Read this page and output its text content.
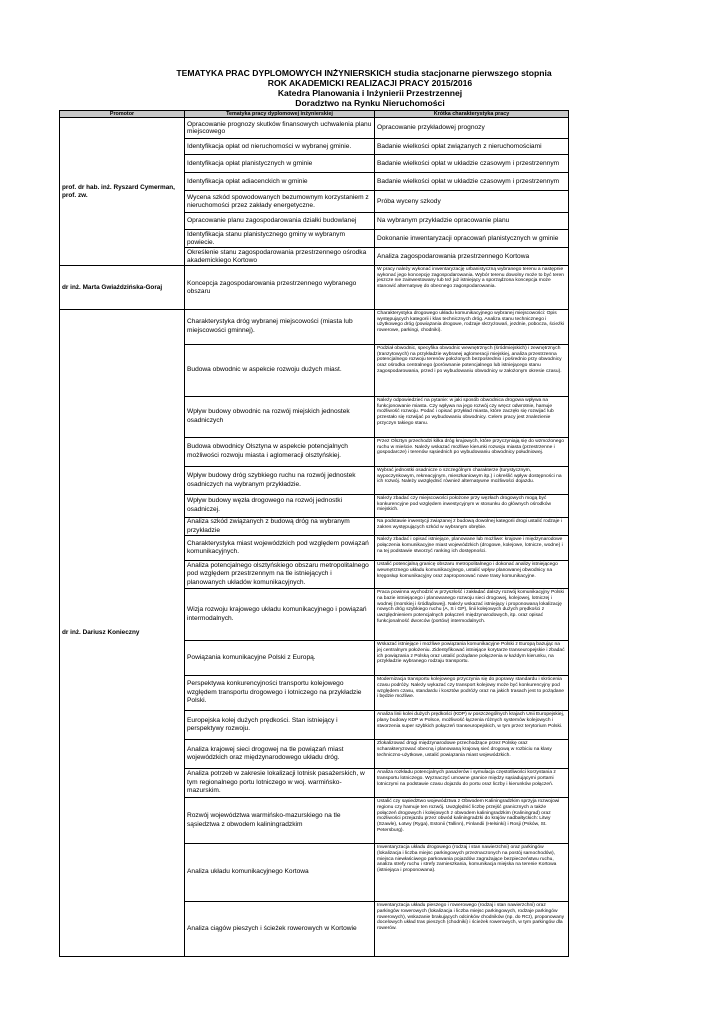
TEMATYKA PRAC DYPLOMOWYCH INŻYNIERSKICH studia stacjonarne pierwszego stopnia
ROK AKADEMICKI REALIZACJI PRACY 2015/2016
Katedra Planowania i Inżynierii Przestrzennej
Doradztwo na Rynku Nieruchomości
Promotor	Tematyka pracy dyplomowej inżynierskiej	Krótka charakterystyka pracy
prof. dr hab. inż. Ryszard Cymerman, prof. zw.	Opracowanie prognozy skutków finansowych uchwalenia planu miejscowego	Opracowanie przykładowej prognozy
	Identyfikacja opłat od nieruchomości w wybranej gminie.	Badanie wielkości opłat związanych z nieruchomościami
	Identyfikacja opłat planistycznych w gminie	Badanie wielkości opłat w układzie czasowym i przestrzennym
	Identyfikacja opłat adiacenckich w gminie	Badanie wielkości opłat w układzie czasowym i przestrzennym
	Wycena szkód spowodowanych bezumownym korzystaniem z nieruchomości przez zakłady energetyczne.	Próba wyceny szkody
	Opracowanie planu zagospodarowania działki budowlanej	Na wybranym przykładzie opracowanie planu
	Identyfikacja stanu planistycznego gminy w wybranym powiecie.	Dokonanie inwentaryzacji opracowań planistycznych w gminie
	Określenie stanu zagospodarowania przestrzennego ośrodka akademickiego Kortowo	Analiza zagospodarowania przestrzennego Kortowa
dr inż. Marta Gwiaździńska-Goraj	Koncepcja zagospodarowania przestrzennego wybranego obszaru	W pracy należy wykonać inwentaryzację urbanistyczną wybranego terenu a następnie wykonać jego koncepcję zagospodarowania. Wybór terenu dowolny może to być teren jeszcze nie zainwestowany lub też już istniejący a sporządzona koncepcja może stanowić alternatywę do obecnego zagospodarowania.
dr inż. Dariusz Konieczny	Charakterystyka dróg wybranej miejscowości (miasta lub miejscowości gminnej).	Charakterystyka drogowego układu komunikacyjnego wybranej miejscowości: Opis występujących kategorii i klas technicznych dróg. Analiza stanu technicznego i użytkowego dróg (powiązania drogowe, rodzaje skrzyżowań, jezdnie, pobocza, ścieżki rowerowe, parkingi, chodniki).
	Budowa obwodnic w aspekcie rozwoju dużych miast.	Podział obwodnic, specyfika obwodnic wewnętrznych (śródmiejskich) i zewnętrznych (tranzytowych) na przykładzie wybranej aglomeracji miejskiej, analiza przestrzenna potencjalnego rozwoju terenów położonych bezpośrednio i pośrednio przy obwodnicy oraz ośrodka centralnego (porównanie potencjalnego lub istniejącego stanu zagospodarowania, przed i po wybudowaniu obwodnicy w założonym okresie czasu).
	Wpływ budowy obwodnic na rozwój miejskich jednostek osadniczych	Należy odpowiedzieć na pytanie: w jaki sposób obwodnica drogowa wpływa na funkcjonowanie miasta. Czy wpływa na jego rozwój czy wręcz odwrotnie, hamuje możliwość rozwoju. Podać i opisać przykład miasta, które zaczęło się rozwijać lub przestało się rozwijać po wybudowaniu obwodnicy. Celem pracy jest znalezienie przyczyn takiego stanu.
	Budowa obwodnicy Olsztyna w aspekcie potencjalnych możliwości rozwoju miasta i aglomeracji olsztyńskiej.	Przez Olsztyn przechodzi kilka dróg krajowych, które przyczyniają się do wzmożonego ruchu w mieście. Należy wskazać możliwe kierunki rozwoju miasta (przestrzenne i gospodarcze) i terenów sąsiednich po wybudowaniu obwodnicy południowej.
	Wpływ budowy dróg szybkiego ruchu na rozwój jednostek osadniczych na wybranym przykładzie.	Wybrać jednostki osadnicze o szczególnym charakterze (turystycznym, wypoczynkowym, rekreacyjnym, mieszkaniowym itp.) i określić wpływ dostępności na ich rozwój. Należy uwzględnić również alternatywne możliwości dojazdu.
	Wpływ budowy węzła drogowego na rozwój jednostki osadniczej.	Należy zbadać czy miejscowości położone przy węzłach drogowych mogą być konkurencyjne pod względem inwestycyjnym w stosunku do głównych ośrodków miejskich.
	Analiza szkód związanych z budową dróg na wybranym przykładzie	Na podstawie inwestycji związanej z budową dowolnej kategorii drogi ustalić rodzaje i zakres występujących szkód w wybranym obrębie.
	Charakterystyka miast wojewódzkich pod względem powiązań komunikacyjnych.	Należy zbadać i opisać istniejące, planowane lub możliwe: krajowe i międzynarodowe połączenia komunikacyjne miast wojewódzkich (drogowe, kolejowe, lotnicze, wodne) i na tej podstawie stworzyć ranking ich dostępności.
	Analiza potencjalnego olsztyńskiego obszaru metropolitalnego pod względem przestrzennym na tle istniejących i planowanych układów komunikacyjnych.	Ustalić potencjalną granicę obszaru metropolitalnego i dokonać analizy istniejącego wewnętrznego układu komunikacyjnego, ustalić wpływ planowanej obwodnicy na kręgosłup komunikacyjny oraz zaproponować nowe trasy komunikacyjne.
	Wizja rozwoju krajowego układu komunikacyjnego i powiązań intermodalnych.	Praca powinna wychodzić w przyszłość i zakładać dalszy rozwój komunikacyjny Polski na bazie istniejącego i planowanego rozwoju sieci drogowej, kolejowej, lotniczej i wodnej (morskiej i śródlądowej). Należy wskazać istniejący i proponowaną lokalizację nowych dróg szybkiego ruchu (A, S i GP), linii kolejowych dużych prędkości z uwzględnieniem potencjalnych połączeń międzynarodowych, itp. oraz opisać funkcjonalność dworców (portów) intermodalnych.
	Powiązania komunikacyjne Polski z Europą.	Wskazać istniejące i możliwe powiązania komunikacyjne Polski z Europą bazując na jej centralnym położeniu. Zidentyfikować istniejące korytarze transeuropejskie i zbadać ich powiązania z Polską oraz ustalić pożądane połączenia w każdym kierunku, na przykładzie wybranego rodzaju transportu.
	Perspektywa konkurencyjności transportu kolejowego względem transportu drogowego i lotniczego na przykładzie Polski.	Modernizacja transportu kolejowego przyczynia się do poprawy standardu i skrócenia czasu podróży. Należy wykazać czy transport kolejowy może być konkurencyjny pod względem czasu, standardu i kosztów podróży oraz na jakich trasach jest to pożądane i będzie możliwe.
	Europejska kolej dużych prędkości. Stan istniejący i perspektywy rozwoju.	Analiza linii kolei dużych prędkości (KDP) w poszczególnych krajach Unii Europejskiej, plany budowy KDP w Polsce, możliwość łączenia różnych systemów kolejowych i stworzenia super szybkich połączeń transeuropejskich, w tym przez terytorium Polski.
	Analiza krajowej sieci drogowej na tle powiązań miast wojewódzkich oraz międzynarodowego układu dróg.	Zlokalizować drogi międzynarodowe przechodzące przez Polskę oraz scharakteryzować obecną i planowaną krajową sieć drogową w rozbiciu na klasy techniczno-użytkowe, ustalić powiązania miast wojewódzkich.
	Analiza potrzeb w zakresie lokalizacji lotnisk pasażerskich, w tym regionalnego portu lotniczego w woj. warmińsko-mazurskim.	Analiza rozkładu potencjalnych pasażerów i symulacja częstotliwości korzystania z transportu lotniczego. Wyznaczyć umowne granice między sąsiadującymi portami lotniczymi na podstawie czasu dojazdu do portu oraz liczby i kierunków połączeń.
	Rozwój województwa warmińsko-mazurskiego na tle sąsiedztwa z obwodem kaliningradzkim	Ustalić czy sąsiedztwo województwa z Obwodem Kaliningradzkim sprzyja rozwojowi regionu czy hamuje ten rozwój. Uwzględnić liczbę przejść granicznych a także połączeń drogowych i kolejowych z obwodem kaliningradzkim (Kaliningrad) oraz możliwości przejazdu przez obwód kaliningradzki do krajów nadbałtyckich: Litwy (Szawle), Łotwy (Ryga), Estonii (Tallinn), Finlandii (Helsinki) i Rosji (Psków, St. Petersburg).
	Analiza układu komunikacyjnego Kortowa	Inwentaryzacja układu drogowego (rodzaj i stan nawierzchni) oraz parkingów (lokalizacja i liczba miejsc parkingowych przeznaczonych na postój samochodów), miejsca niewłaściwego parkowania pojazdów zagrażające bezpieczeństwu ruchu, analiza strefy ruchu i strefy zamieszkania, komunikacja miejska na terenie Kortowa (istniejąca i proponowana).
	Analiza ciągów pieszych i ścieżek rowerowych w Kortowie	Inwentaryzacja układu pieszego i rowerowego (rodzaj i stan nawierzchni) oraz parkingów rowerowych (lokalizacja i liczba miejsc parkingowych, rodzaje parkingów rowerowych), wskazanie brakujących odcinków chodników (np. do RCI), proponowany docelowych układ tras pieszych (chodniki) i ścieżek rowerowych, w tym parkingów dla rowerów.
